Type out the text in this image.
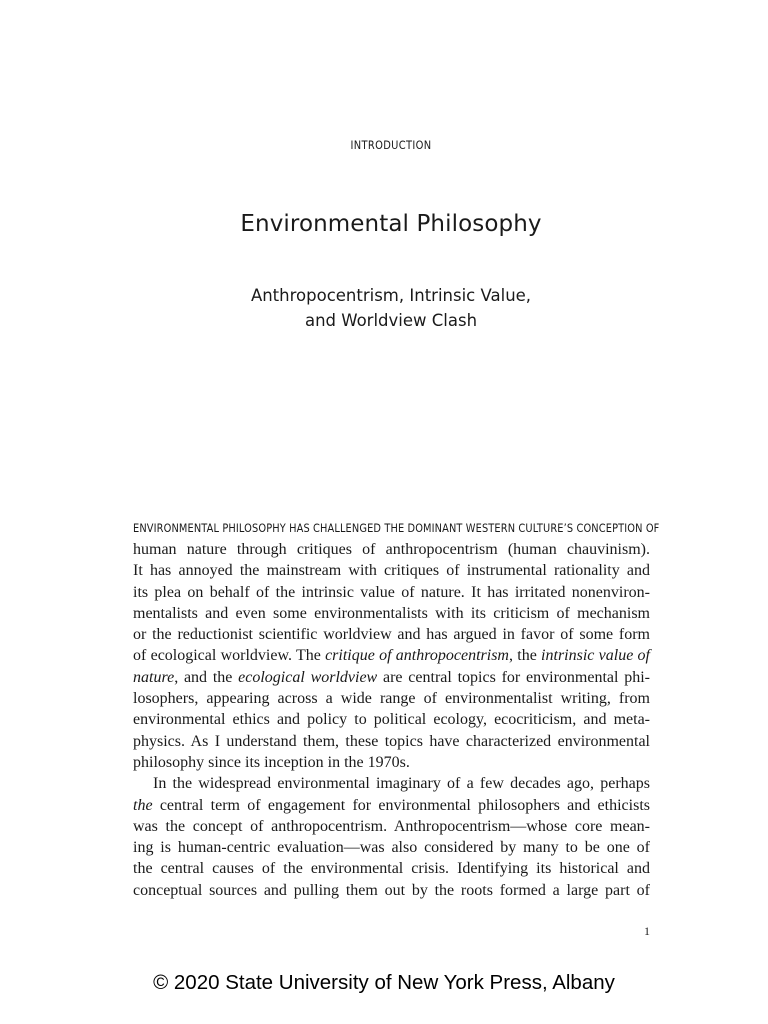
INTRODUCTION
Environmental Philosophy
Anthropocentrism, Intrinsic Value,
and Worldview Clash
ENVIRONMENTAL PHILOSOPHY HAS CHALLENGED THE DOMINANT WESTERN CULTURE’S CONCEPTION OF

human nature through critiques of anthropocentrism (human chauvinism).
It has annoyed the mainstream with critiques of instrumental rationality and
its plea on behalf of the intrinsic value of nature. It has irritated nonenviron-
mentalists and even some environmentalists with its criticism of mechanism
or the reductionist scientific worldview and has argued in favor of some form
of ecological worldview. The critique of anthropocentrism, the intrinsic value of
nature, and the ecological worldview are central topics for environmental phi-
losophers, appearing across a wide range of environmentalist writing, from
environmental ethics and policy to political ecology, ecocriticism, and meta-
physics. As I understand them, these topics have characterized environmental
philosophy since its inception in the 1970s.

In the widespread environmental imaginary of a few decades ago, perhaps
the central term of engagement for environmental philosophers and ethicists
was the concept of anthropocentrism. Anthropocentrism—whose core mean-
ing is human-centric evaluation—was also considered by many to be one of
the central causes of the environmental crisis. Identifying its historical and
conceptual sources and pulling them out by the roots formed a large part of

1
© 2020 State University of New York Press, Albany
